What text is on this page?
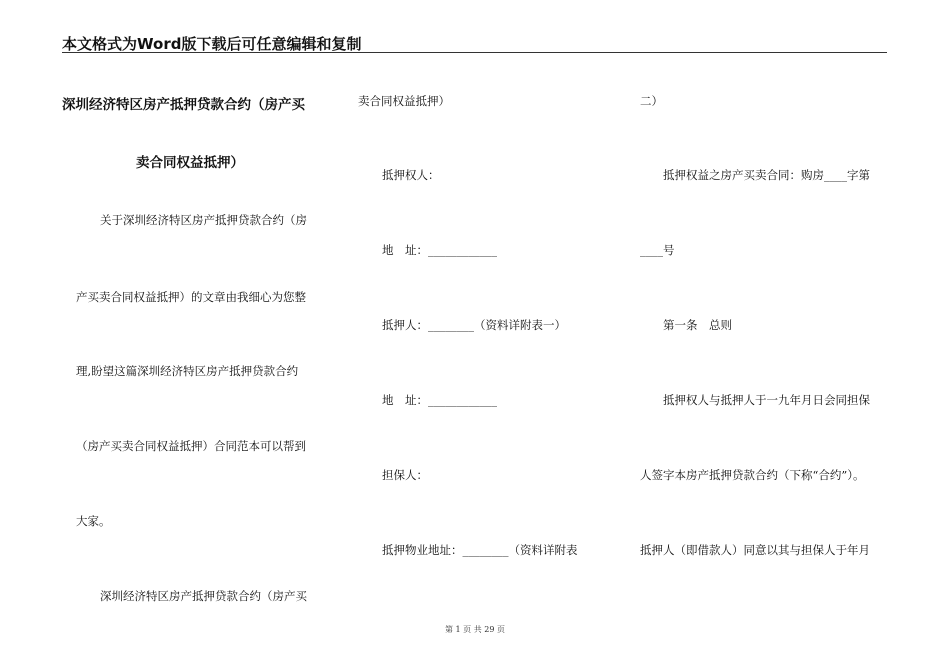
本文格式为Word版下载后可任意编辑和复制
深圳经济特区房产抵押贷款合约（房产买
卖合同权益抵押）
关于深圳经济特区房产抵押贷款合约（房
产买卖合同权益抵押）的文章由我细心为您整
理,盼望这篇深圳经济特区房产抵押贷款合约
（房产买卖合同权益抵押）合同范本可以帮到
大家。
深圳经济特区房产抵押贷款合约（房产买
卖合同权益抵押）
抵押权人：
地　址：____________
抵押人：________（资料详附表一）
地　址：____________
担保人：
抵押物业地址：________（资料详附表
二）
抵押权益之房产买卖合同：购房____字第
____号
第一条　总则
抵押权人与抵押人于一九年月日会同担保
人签字本房产抵押贷款合约（下称“合约”）。
抵押人（即借款人）同意以其与担保人于年月
第 1 页 共 29 页
